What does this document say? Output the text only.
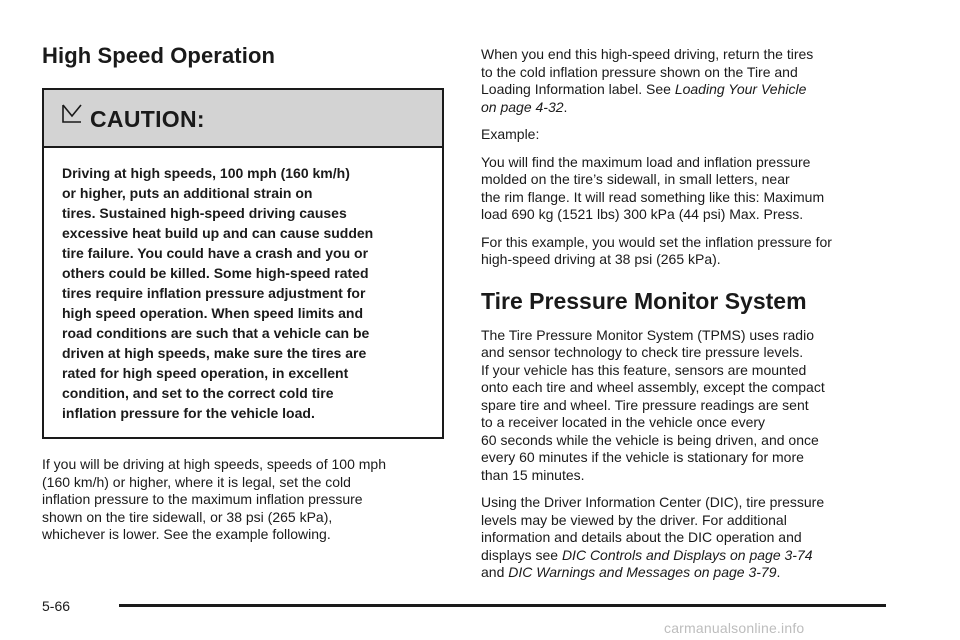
High Speed Operation
CAUTION:
Driving at high speeds, 100 mph (160 km/h)
or higher, puts an additional strain on
tires. Sustained high-speed driving causes
excessive heat build up and can cause sudden
tire failure. You could have a crash and you or
others could be killed. Some high-speed rated
tires require inflation pressure adjustment for
high speed operation. When speed limits and
road conditions are such that a vehicle can be
driven at high speeds, make sure the tires are
rated for high speed operation, in excellent
condition, and set to the correct cold tire
inflation pressure for the vehicle load.

If you will be driving at high speeds, speeds of 100 mph
(160 km/h) or higher, where it is legal, set the cold
inflation pressure to the maximum inflation pressure
shown on the tire sidewall, or 38 psi (265 kPa),
whichever is lower. See the example following.

When you end this high-speed driving, return the tires
to the cold inflation pressure shown on the Tire and
Loading Information label. See Loading Your Vehicle
on page 4-32.

Example:

You will find the maximum load and inflation pressure
molded on the tire’s sidewall, in small letters, near
the rim flange. It will read something like this: Maximum
load 690 kg (1521 lbs) 300 kPa (44 psi) Max. Press.

For this example, you would set the inflation pressure for
high-speed driving at 38 psi (265 kPa).

Tire Pressure Monitor System

The Tire Pressure Monitor System (TPMS) uses radio
and sensor technology to check tire pressure levels.
If your vehicle has this feature, sensors are mounted
onto each tire and wheel assembly, except the compact
spare tire and wheel. Tire pressure readings are sent
to a receiver located in the vehicle once every
60 seconds while the vehicle is being driven, and once
every 60 minutes if the vehicle is stationary for more
than 15 minutes.

Using the Driver Information Center (DIC), tire pressure
levels may be viewed by the driver. For additional
information and details about the DIC operation and
displays see DIC Controls and Displays on page 3-74
and DIC Warnings and Messages on page 3-79.

5-66
carmanualsonline.info
